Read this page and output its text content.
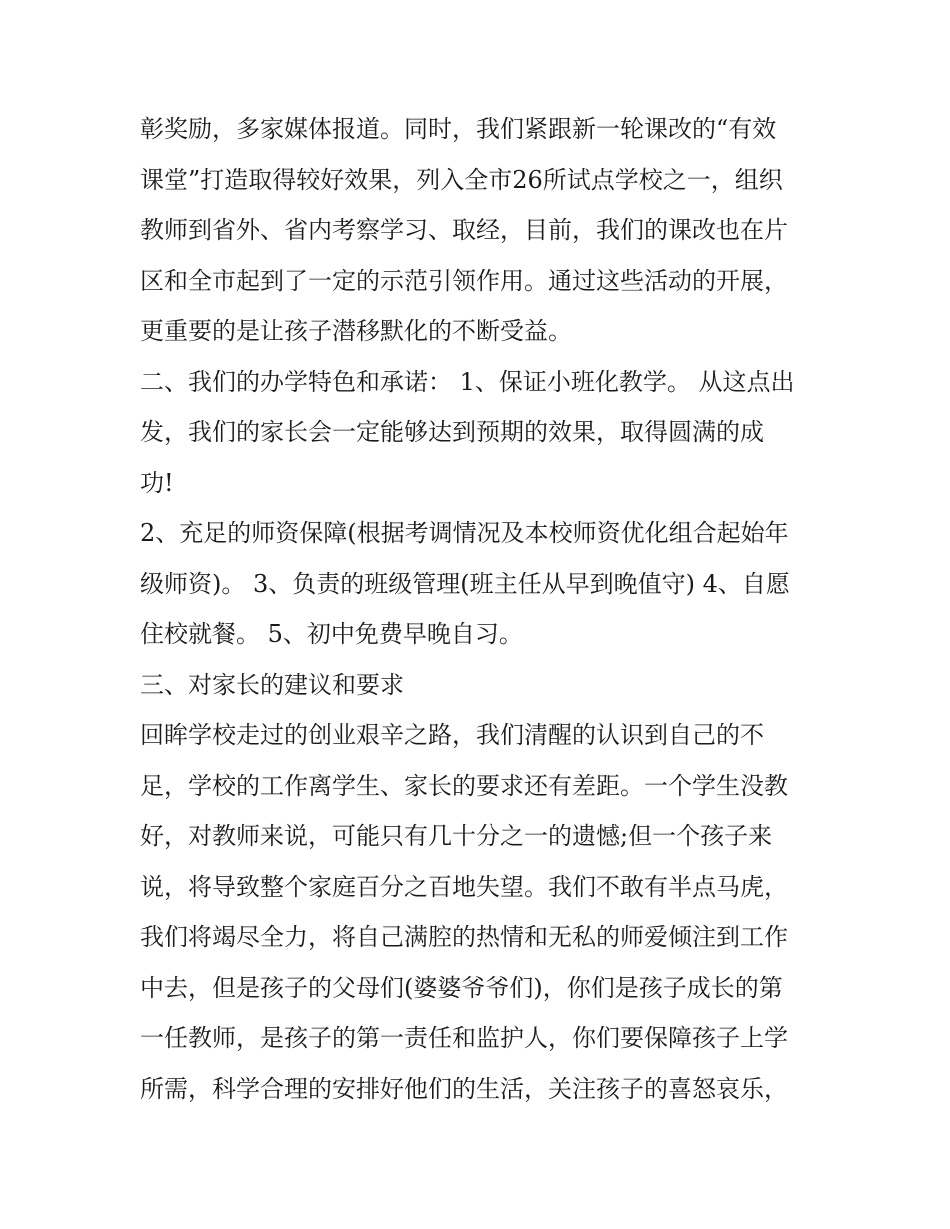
彰奖励，多家媒体报道。同时，我们紧跟新一轮课改的“有效
课堂”打造取得较好效果，列入全市26所试点学校之一，组织
教师到省外、省内考察学习、取经，目前，我们的课改也在片
区和全市起到了一定的示范引领作用。通过这些活动的开展，
更重要的是让孩子潜移默化的不断受益。
二、我们的办学特色和承诺： 1、保证小班化教学。 从这点出
发，我们的家长会一定能够达到预期的效果，取得圆满的成
功!
2、充足的师资保障(根据考调情况及本校师资优化组合起始年
级师资)。 3、负责的班级管理(班主任从早到晚值守) 4、自愿
住校就餐。 5、初中免费早晚自习。
三、对家长的建议和要求
回眸学校走过的创业艰辛之路，我们清醒的认识到自己的不
足，学校的工作离学生、家长的要求还有差距。一个学生没教
好，对教师来说，可能只有几十分之一的遗憾;但一个孩子来
说，将导致整个家庭百分之百地失望。我们不敢有半点马虎，
我们将竭尽全力，将自己满腔的热情和无私的师爱倾注到工作
中去，但是孩子的父母们(婆婆爷爷们)，你们是孩子成长的第
一任教师，是孩子的第一责任和监护人，你们要保障孩子上学
所需，科学合理的安排好他们的生活，关注孩子的喜怒哀乐，
